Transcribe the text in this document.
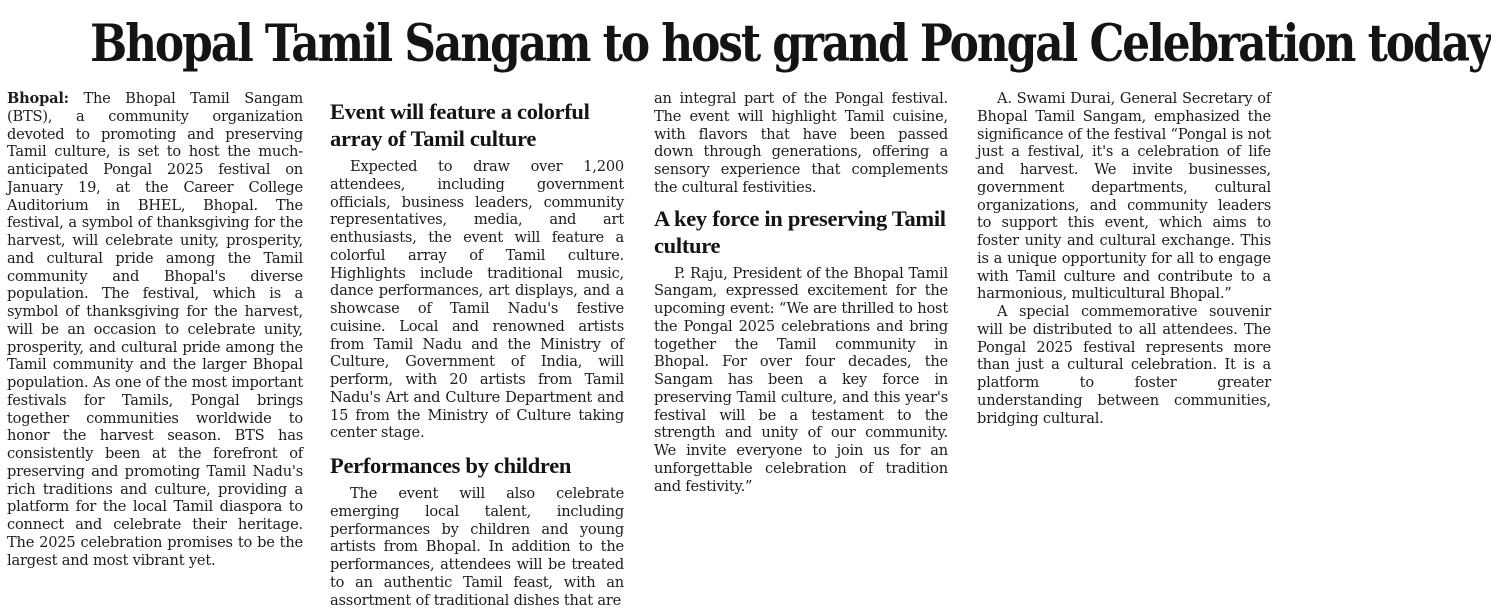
Bhopal Tamil Sangam to host grand Pongal Celebration today

Bhopal: The Bhopal Tamil Sangam (BTS), a community organization devoted to promoting and preserving Tamil culture, is set to host the much-anticipated Pongal 2025 festival on January 19, at the Career College Auditorium in BHEL, Bhopal. The festival, a symbol of thanksgiving for the harvest, will celebrate unity, prosperity, and cultural pride among the Tamil community and Bhopal's diverse population. The festival, which is a symbol of thanksgiving for the harvest, will be an occasion to celebrate unity, prosperity, and cultural pride among the Tamil community and the larger Bhopal population. As one of the most important festivals for Tamils, Pongal brings together communities worldwide to honor the harvest season. BTS has consistently been at the forefront of preserving and promoting Tamil Nadu's rich traditions and culture, providing a platform for the local Tamil diaspora to connect and celebrate their heritage. The 2025 celebration promises to be the largest and most vibrant yet.

Event will feature a colorful array of Tamil culture

Expected to draw over 1,200 attendees, including government officials, business leaders, community representatives, media, and art enthusiasts, the event will feature a colorful array of Tamil culture. Highlights include traditional music, dance performances, art displays, and a showcase of Tamil Nadu's festive cuisine. Local and renowned artists from Tamil Nadu and the Ministry of Culture, Government of India, will perform, with 20 artists from Tamil Nadu's Art and Culture Department and 15 from the Ministry of Culture taking center stage.

Performances by children

The event will also celebrate emerging local talent, including performances by children and young artists from Bhopal. In addition to the performances, attendees will be treated to an authentic Tamil feast, with an assortment of traditional dishes that are

an integral part of the Pongal festival. The event will highlight Tamil cuisine, with flavors that have been passed down through generations, offering a sensory experience that complements the cultural festivities.

A key force in preserving Tamil culture

P. Raju, President of the Bhopal Tamil Sangam, expressed excitement for the upcoming event: “We are thrilled to host the Pongal 2025 celebrations and bring together the Tamil community in Bhopal. For over four decades, the Sangam has been a key force in preserving Tamil culture, and this year's festival will be a testament to the strength and unity of our community. We invite everyone to join us for an unforgettable celebration of tradition and festivity.”

A. Swami Durai, General Secretary of Bhopal Tamil Sangam, emphasized the significance of the festival “Pongal is not just a festival, it's a celebration of life and harvest. We invite businesses, government departments, cultural organizations, and community leaders to support this event, which aims to foster unity and cultural exchange. This is a unique opportunity for all to engage with Tamil culture and contribute to a harmonious, multicultural Bhopal.”

A special commemorative souvenir will be distributed to all attendees. The Pongal 2025 festival represents more than just a cultural celebration. It is a platform to foster greater understanding between communities, bridging cultural.
